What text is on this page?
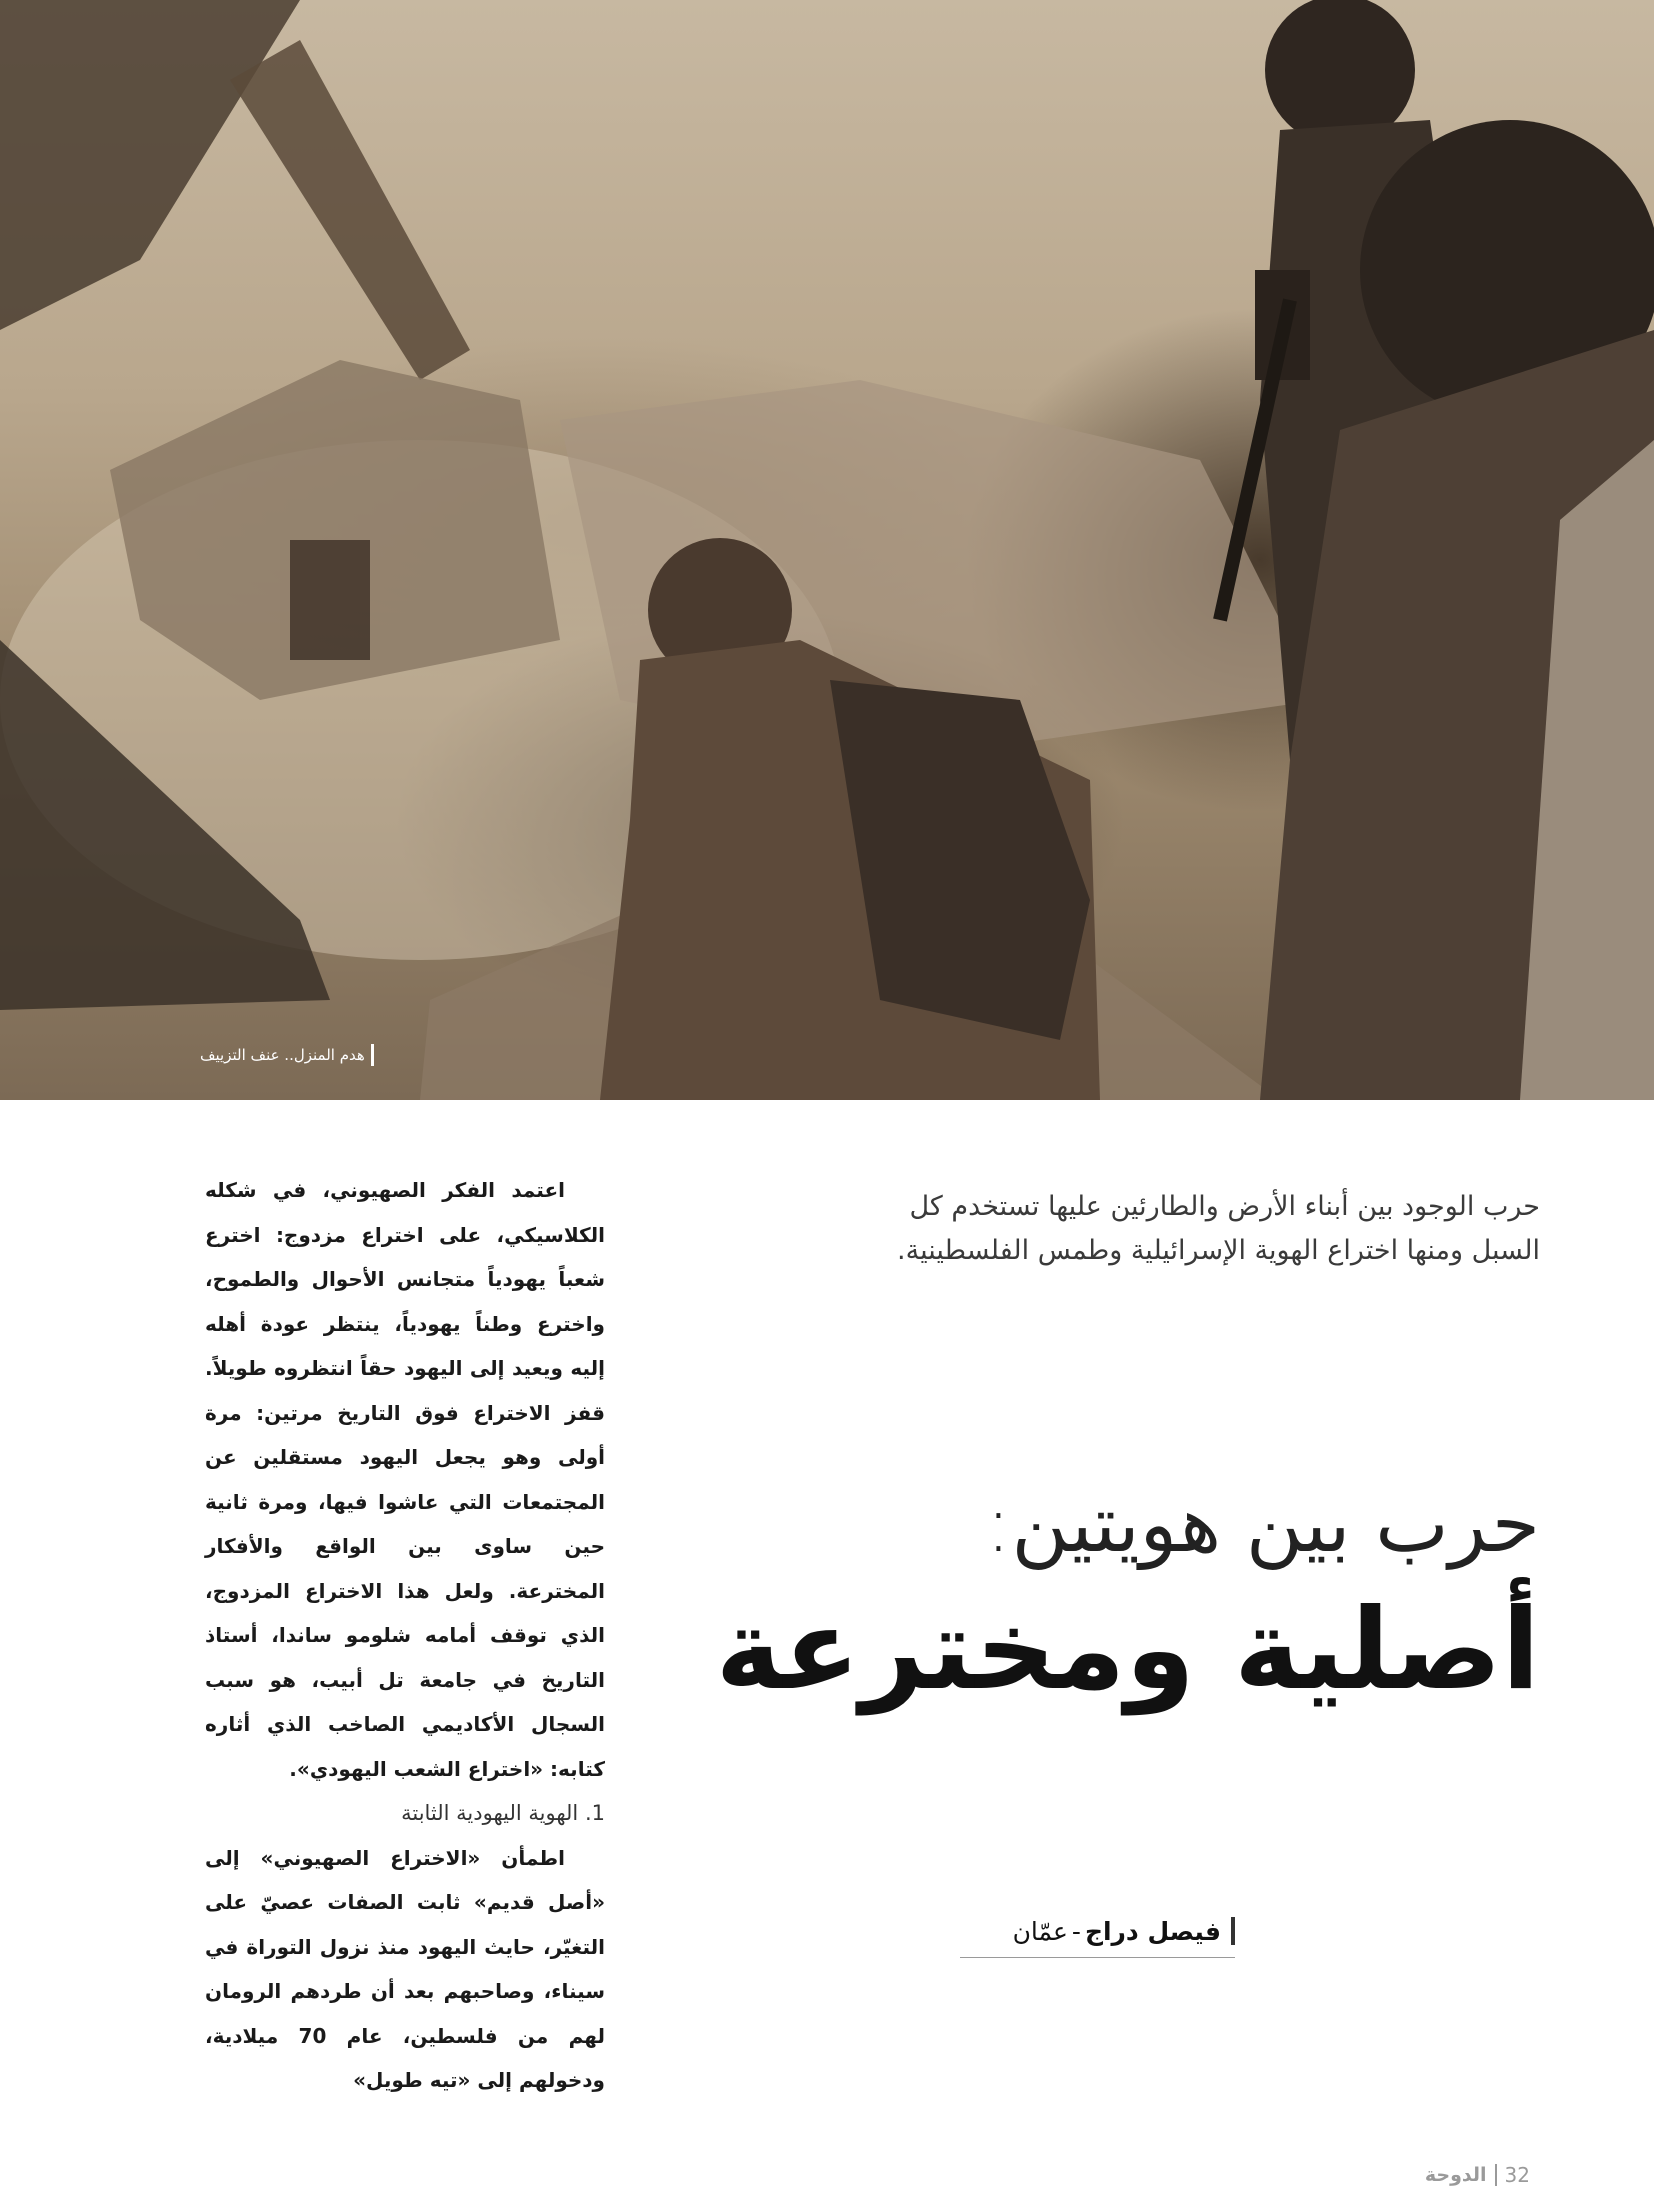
هدم المنزل.. عنف التزييف

حرب الوجود بين أبناء الأرض والطارئين عليها تستخدم كل السبل ومنها اختراع الهوية الإسرائيلية وطمس الفلسطينية.

حرب بين هويتين:
أصلية ومخترعة
فيصل دراج
-
عمّان

اعتمد الفكر الصهيوني، في شكله الكلاسيكي، على اختراع مزدوج: اخترع شعباً يهودياً متجانس الأحوال والطموح، واخترع وطناً يهودياً، ينتظر عودة أهله إليه ويعيد إلى اليهود حقاً انتظروه طويلاً. قفز الاختراع فوق التاريخ مرتين: مرة أولى وهو يجعل اليهود مستقلين عن المجتمعات التي عاشوا فيها، ومرة ثانية حين ساوى بين الواقع والأفكار المخترعة. ولعل هذا الاختراع المزدوج، الذي توقف أمامه شلومو ساندا، أستاذ التاريخ في جامعة تل أبيب، هو سبب السجال الأكاديمي الصاخب الذي أثاره كتابه: «اختراع الشعب اليهودي».

1. الهوية اليهودية الثابتة

اطمأن «الاختراع الصهيوني» إلى «أصل قديم» ثابت الصفات عصيّ على التغيّر، حايث اليهود منذ نزول التوراة في سيناء، وصاحبهم بعد أن طردهم الرومان لهم من فلسطين، عام 70 ميلادية، ودخولهم إلى «تيه طويل»

الدوحة 32
